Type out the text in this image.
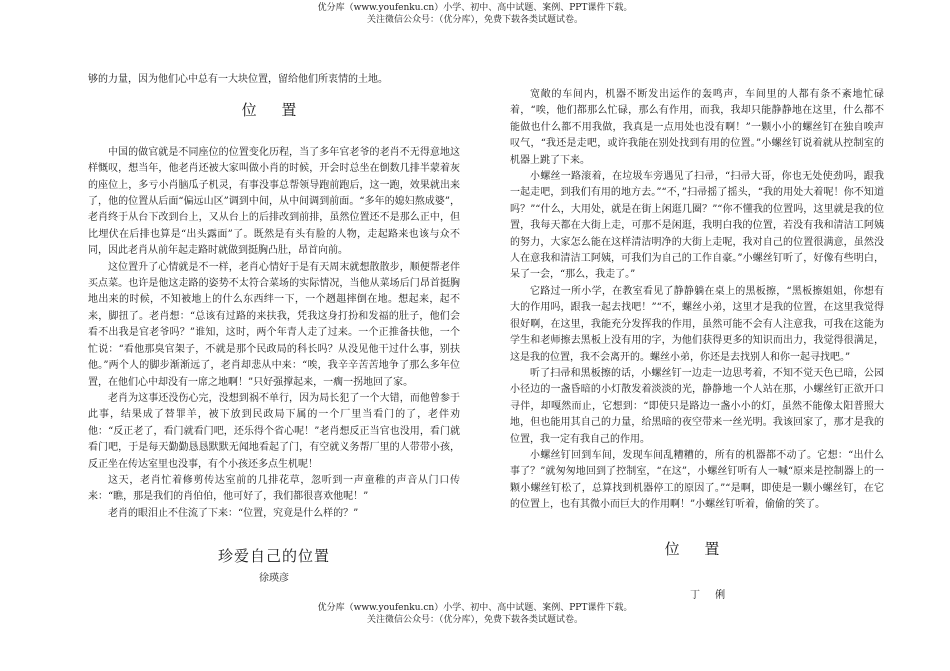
优分库（www.youfenku.cn）小学、初中、高中试题、案例、PPT课件下载。
关注微信公众号：（优分库），免费下载各类试题试卷。

够的力量，因为他们心中总有一大块位置，留给他们所衷情的土地。

位 置

中国的做官就是不同座位的位置变化历程，当了多年官老爷的老肖不无得意地这样慨叹，想当年，他老肖还被大家叫做小肖的时候，开会时总坐在倒数几排半蒙着灰的座位上，多亏小肖脑瓜子机灵，有事没事总帮领导跑前跑后，这一跑，效果就出来了，他的位置从后面“偏远山区”调到中间，从中间调到前面。“多年的媳妇熬成婆”，老肖终于从台下改到台上，又从台上的后排改到前排，虽然位置还不是那么正中，但比埋伏在后排也算是“出头露面”了。既然是有头有脸的人物，走起路来也该与众不同，因此老肖从前年起走路时就做到挺胸凸肚，昂首向前。

这位置升了心情就是不一样，老肖心情好于是有天周末就想散散步，顺便帮老伴买点菜。也许是他这走路的姿势不太符合菜场的实际情况，当他从菜场后门昂首挺胸地出来的时候，不知被地上的什么东西绊一下，一个趔趄摔倒在地。想起来，起不来，脚扭了。老肖想：“总该有过路的来扶我，凭我这身打扮和发福的肚子，他们会看不出我是官老爷吗？”谁知，这时，两个年青人走了过来。一个正推备扶他，一个忙说：“看他那臭官架子，不就是那个民政局的科长吗？从没见他干过什么事，别扶他。”两个人的脚步渐渐远了，老肖却悲从中来：“唉，我辛辛苦苦地争了那么多年位置，在他们心中却没有一席之地啊！”只好强撑起来，一瘸一拐地回了家。

老肖为这事还没伤心完，没想到祸不单行，因为局长犯了一个大错，而他曾参于此事，结果成了替罪羊，被下放到民政局下属的一个厂里当看门的了，老伴劝他：“反正老了，看门就看门吧，还乐得个省心呢！”老肖想反正当官也没用，看门就看门吧，于是每天勤勤恳恳默默无闻地看起了门，有空就义务帮厂里的人带带小孩，反正坐在传达室里也没事，有个小孩还多点生机呢！

这天，老肖忙着修剪传达室前的几排花草，忽听到一声童稚的声音从门口传来：“瞧，那是我们的肖伯伯，他可好了，我们都很喜欢他呢！”

老肖的眼泪止不住流了下来：“位置，究竟是什么样的？”

珍爱自己的位置
徐瑛彦

宽敞的车间内，机器不断发出运作的轰鸣声，车间里的人都有条不紊地忙碌着，“唉，他们都那么忙碌，那么有作用，而我，我却只能静静地在这里，什么都不能做也什么都不用我做，我真是一点用处也没有啊！”一颗小小的螺丝钉在独自唉声叹气，“我还是走吧，或许我能在别处找到有用的位置。”小螺丝钉说着就从控制室的机器上跳了下来。

小螺丝一路滚着，在垃圾车旁遇见了扫帚，“扫帚大哥，你也无处使劲吗，跟我一起走吧，到我们有用的地方去。”“不，”扫帚摇了摇头，“我的用处大着呢！你不知道吗？”“什么，大用处，就是在街上闲逛几圈？”“你不懂我的位置吗，这里就是我的位置，我每天都在大街上走，可那不是闲逛，我明白我的位置，若没有我和清洁工阿姨的努力，大家怎么能在这样清洁明净的大街上走呢，我对自己的位置很满意，虽然没人在意我和清洁工阿姨，可我们为自己的工作自豪。”小螺丝钉听了，好像有些明白，呆了一会，“那么，我走了。”

它路过一所小学，在教室看见了静静躺在桌上的黑板擦，“黑板擦姐姐，你想有大的作用吗，跟我一起去找吧！”“不，螺丝小弟，这里才是我的位置，在这里我觉得很好啊，在这里，我能充分发挥我的作用，虽然可能不会有人注意我，可我在这能为学生和老师擦去黑板上没有用的字，为他们获得更多的知识而出力，我觉得很满足，这是我的位置，我不会离开的。螺丝小弟，你还是去找别人和你一起寻找吧。”

听了扫帚和黑板擦的话，小螺丝钉一边走一边思考着，不知不觉天色已暗，公园小径边的一盏昏暗的小灯散发着淡淡的光，静静地一个人站在那，小螺丝钉正欲开口寻伴，却嘎然而止，它想到：“即使只是路边一盏小小的灯，虽然不能像太阳普照大地，但也能用其自己的力量，给黑暗的夜空带来一丝光明。我该回家了，那才是我的位置，我一定有我自己的作用。

小螺丝钉回到车间，发现车间乱糟糟的，所有的机器都不动了。它想：“出什么事了？”就匆匆地回到了控制室，“在这”，小螺丝钉听有人一喊“原来是控制器上的一颗小螺丝钉松了，总算找到机器停工的原因了。”“是啊，即使是一颗小螺丝钉，在它的位置上，也有其微小而巨大的作用啊！”小螺丝钉听着，偷偷的笑了。

位 置
丁 俐
优分库（www.youfenku.cn）小学、初中、高中试题、案例、PPT课件下载。
关注微信公众号：（优分库），免费下载各类试题试卷。
